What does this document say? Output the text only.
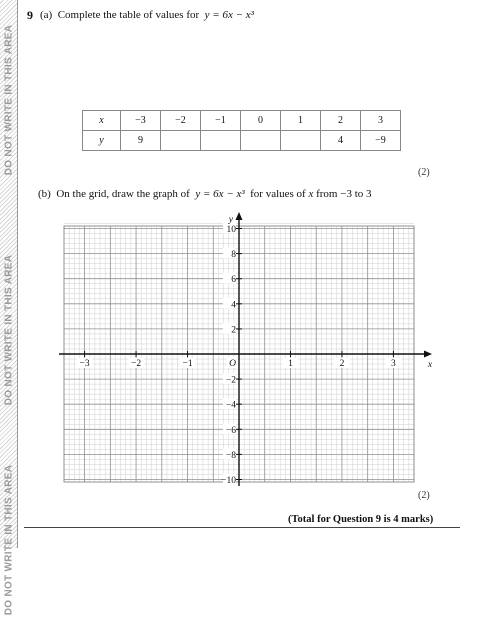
DO NOT WRITE IN THIS AREA
DO NOT WRITE IN THIS AREA
DO NOT WRITE IN THIS AREA
9 (a) Complete the table of values for y = 6x − x³
x	−3	−2	−1	0	1	2	3
y	9					4	−9
(2)
(b) On the grid, draw the graph of y = 6x − x³ for values of x from −3 to 3
−3	−2	−1	1	2	3
10
8
6
4
2
−2
−4
−6
−8
−10
O	x
y
(2)
(Total for Question 9 is 4 marks)
